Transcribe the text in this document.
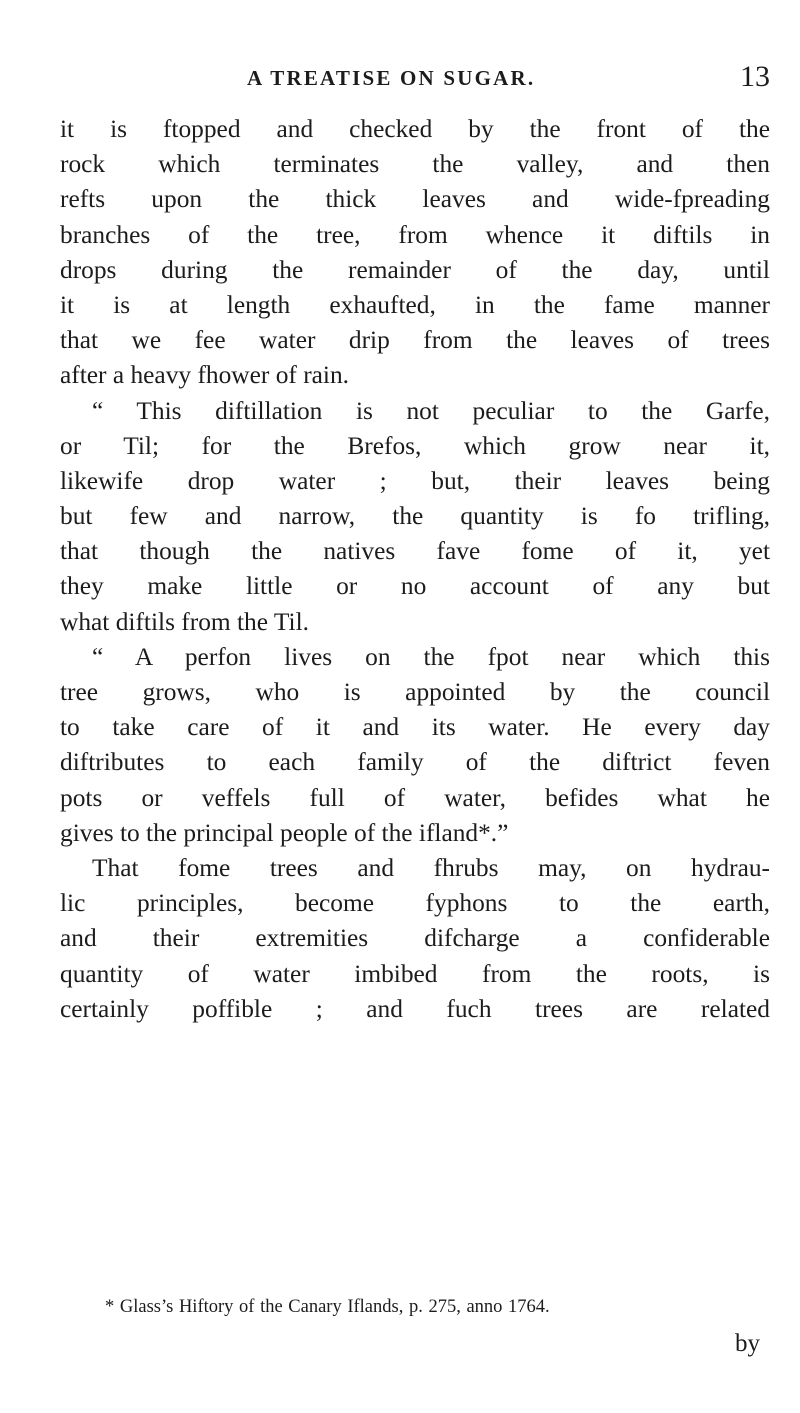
A TREATISE ON SUGAR.	13
it is ftopped and checked by the front of the
rock which terminates the valley, and then
refts upon the thick leaves and wide-fpreading
branches of the tree, from whence it diftils in
drops during the remainder of the day, until
it is at length exhaufted, in the fame manner
that we fee water drip from the leaves of trees
after a heavy fhower of rain.
“ This diftillation is not peculiar to the Garfe,
or Til; for the Brefos, which grow near it,
likewife drop water ; but, their leaves being
but few and narrow, the quantity is fo trifling,
that though the natives fave fome of it, yet
they make little or no account of any but
what diftils from the Til.
“ A perfon lives on the fpot near which this
tree grows, who is appointed by the council
to take care of it and its water. He every day
diftributes to each family of the diftrict feven
pots or veffels full of water, befides what he
gives to the principal people of the ifland*.”
That fome trees and fhrubs may, on hydrau-
lic principles, become fyphons to the earth,
and their extremities difcharge a confiderable
quantity of water imbibed from the roots, is
certainly poffible ; and fuch trees are related
* Glass’s Hiftory of the Canary Iflands, p. 275, anno 1764.
by
